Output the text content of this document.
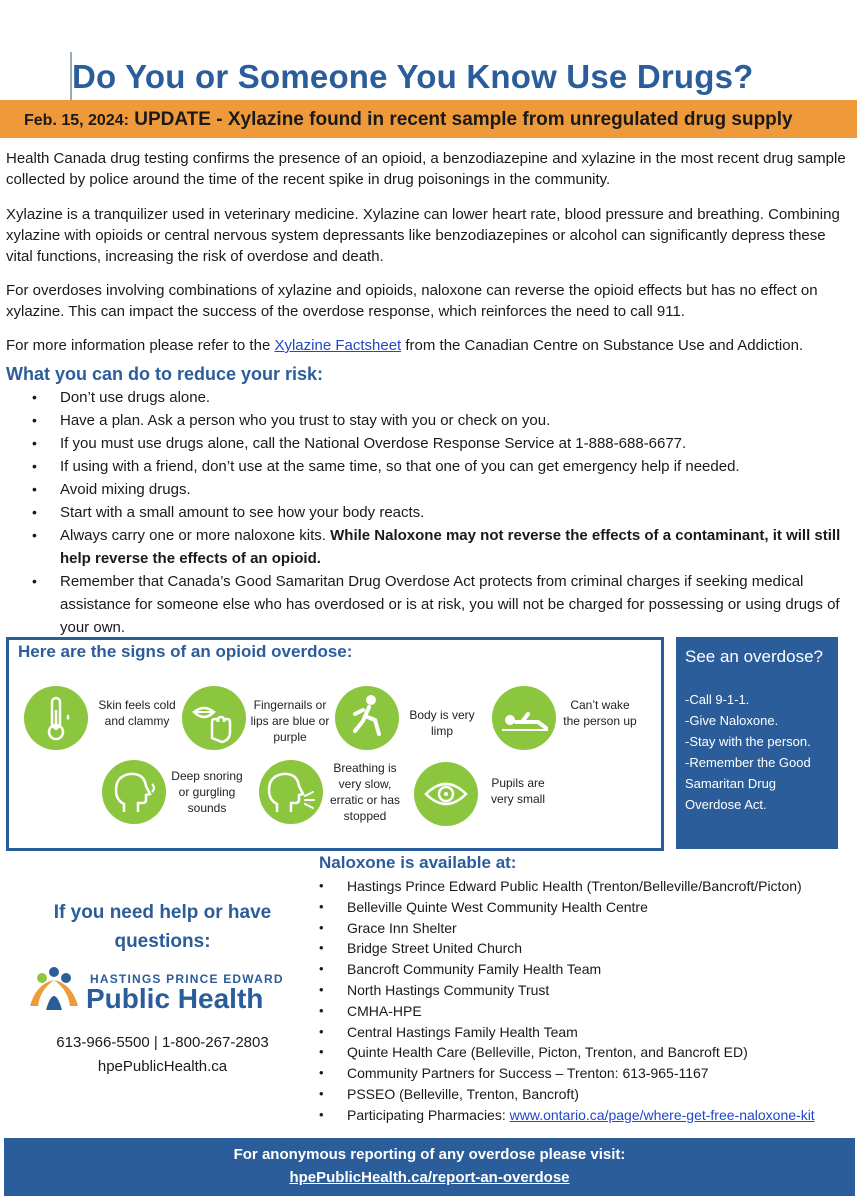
Do You or Someone You Know Use Drugs?
Feb. 15, 2024: UPDATE - Xylazine found in recent sample from unregulated drug supply

Health Canada drug testing confirms the presence of an opioid, a benzodiazepine and xylazine in the most recent drug sample collected by police around the time of the recent spike in drug poisonings in the community.

Xylazine is a tranquilizer used in veterinary medicine. Xylazine can lower heart rate, blood pressure and breathing. Combining xylazine with opioids or central nervous system depressants like benzodiazepines or alcohol can significantly depress these vital functions, increasing the risk of overdose and death.

For overdoses involving combinations of xylazine and opioids, naloxone can reverse the opioid effects but has no effect on xylazine. This can impact the success of the overdose response, which reinforces the need to call 911.

For more information please refer to the Xylazine Factsheet from the Canadian Centre on Substance Use and Addiction.

What you can do to reduce your risk:
• Don’t use drugs alone.
• Have a plan. Ask a person who you trust to stay with you or check on you.
• If you must use drugs alone, call the National Overdose Response Service at 1-888-688-6677.
• If using with a friend, don’t use at the same time, so that one of you can get emergency help if needed.
• Avoid mixing drugs.
• Start with a small amount to see how your body reacts.
• Always carry one or more naloxone kits. While Naloxone may not reverse the effects of a contaminant, it will still help reverse the effects of an opioid.
• Remember that Canada’s Good Samaritan Drug Overdose Act protects from criminal charges if seeking medical assistance for someone else who has overdosed or is at risk, you will not be charged for possessing or using drugs of your own.
Here are the signs of an opioid overdose:
Skin feels cold and clammy
Fingernails or lips are blue or purple
Body is very limp
Can’t wake the person up
Deep snoring or gurgling sounds
Breathing is very slow, erratic or has stopped
Pupils are very small
See an overdose?
-Call 9-1-1.
-Give Naloxone.
-Stay with the person.
-Remember the Good Samaritan Drug Overdose Act.
If you need help or have questions:
HASTINGS PRINCE EDWARD
Public Health
613-966-5500 | 1-800-267-2803
hpePublicHealth.ca
Naloxone is available at:
• Hastings Prince Edward Public Health (Trenton/Belleville/Bancroft/Picton)
• Belleville Quinte West Community Health Centre
• Grace Inn Shelter
• Bridge Street United Church
• Bancroft Community Family Health Team
• North Hastings Community Trust
• CMHA-HPE
• Central Hastings Family Health Team
• Quinte Health Care (Belleville, Picton, Trenton, and Bancroft ED)
• Community Partners for Success – Trenton: 613-965-1167
• PSSEO (Belleville, Trenton, Bancroft)
• Participating Pharmacies: www.ontario.ca/page/where-get-free-naloxone-kit
For anonymous reporting of any overdose please visit:
hpePublicHealth.ca/report-an-overdose
